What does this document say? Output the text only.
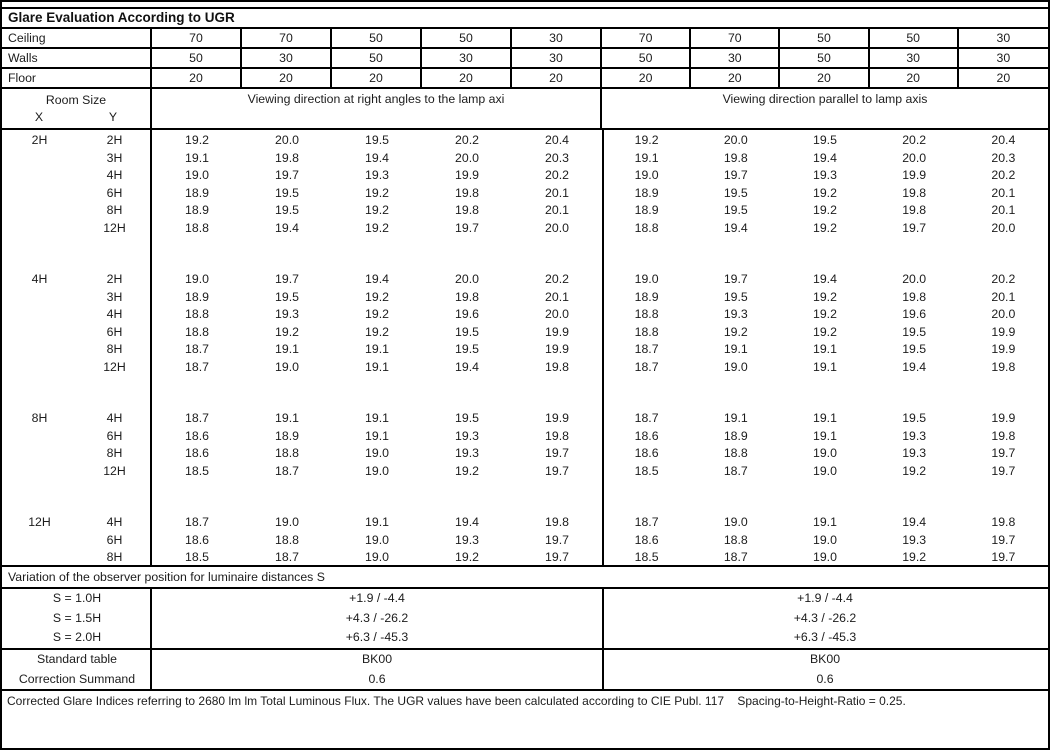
Glare Evaluation According to UGR
Ceiling	70	70	50	50	30	70	70	50	50	30
Walls	50	30	50	30	30	50	30	50	30	30
Floor	20	20	20	20	20	20	20	20	20	20
Room Size
X	Y
Viewing direction at right angles to the lamp axi	Viewing direction parallel to lamp axis
2H	2H	19.2	20.0	19.5	20.2	20.4	19.2	20.0	19.5	20.2	20.4
3H	19.1	19.8	19.4	20.0	20.3	19.1	19.8	19.4	20.0	20.3
4H	19.0	19.7	19.3	19.9	20.2	19.0	19.7	19.3	19.9	20.2
6H	18.9	19.5	19.2	19.8	20.1	18.9	19.5	19.2	19.8	20.1
8H	18.9	19.5	19.2	19.8	20.1	18.9	19.5	19.2	19.8	20.1
12H	18.8	19.4	19.2	19.7	20.0	18.8	19.4	19.2	19.7	20.0
4H	2H	19.0	19.7	19.4	20.0	20.2	19.0	19.7	19.4	20.0	20.2
3H	18.9	19.5	19.2	19.8	20.1	18.9	19.5	19.2	19.8	20.1
4H	18.8	19.3	19.2	19.6	20.0	18.8	19.3	19.2	19.6	20.0
6H	18.8	19.2	19.2	19.5	19.9	18.8	19.2	19.2	19.5	19.9
8H	18.7	19.1	19.1	19.5	19.9	18.7	19.1	19.1	19.5	19.9
12H	18.7	19.0	19.1	19.4	19.8	18.7	19.0	19.1	19.4	19.8
8H	4H	18.7	19.1	19.1	19.5	19.9	18.7	19.1	19.1	19.5	19.9
6H	18.6	18.9	19.1	19.3	19.8	18.6	18.9	19.1	19.3	19.8
8H	18.6	18.8	19.0	19.3	19.7	18.6	18.8	19.0	19.3	19.7
12H	18.5	18.7	19.0	19.2	19.7	18.5	18.7	19.0	19.2	19.7
12H	4H	18.7	19.0	19.1	19.4	19.8	18.7	19.0	19.1	19.4	19.8
6H	18.6	18.8	19.0	19.3	19.7	18.6	18.8	19.0	19.3	19.7
8H	18.5	18.7	19.0	19.2	19.7	18.5	18.7	19.0	19.2	19.7
Variation of the observer position for luminaire distances S
S = 1.0H	+1.9 / -4.4	+1.9 / -4.4
S = 1.5H	+4.3 / -26.2	+4.3 / -26.2
S = 2.0H	+6.3 / -45.3	+6.3 / -45.3
Standard table	BK00	BK00
Correction Summand	0.6	0.6
Corrected Glare Indices referring to 2680 lm lm Total Luminous Flux. The UGR values have been calculated according to CIE Publ. 117    Spacing-to-Height-Ratio = 0.25.
